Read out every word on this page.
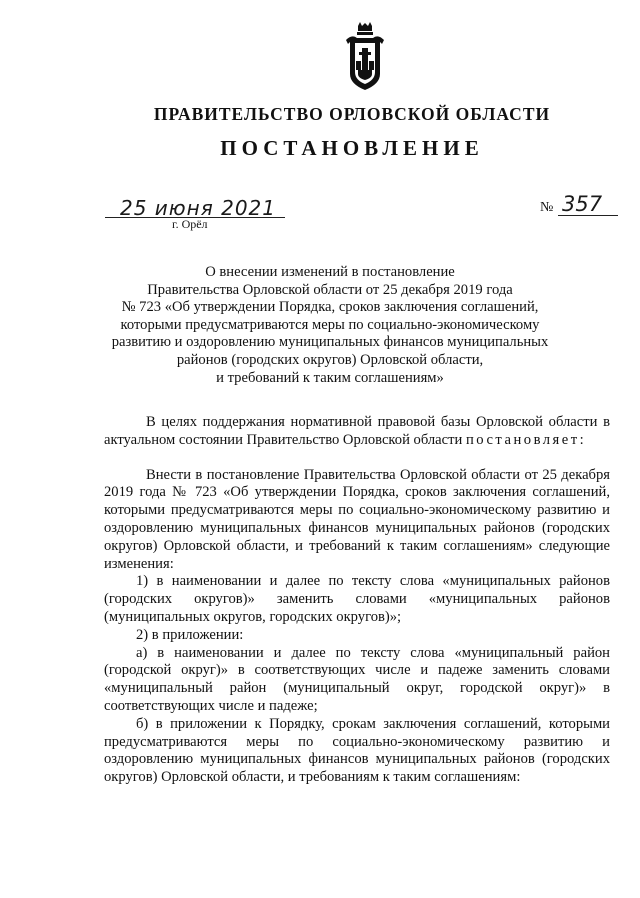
ПРАВИТЕЛЬСТВО ОРЛОВСКОЙ ОБЛАСТИ
ПОСТАНОВЛЕНИЕ
25 июня 2021
г. Орёл
№ 357
О внесении изменений в постановление
Правительства Орловской области от 25 декабря 2019 года
№ 723 «Об утверждении Порядка, сроков заключения соглашений,
которыми предусматриваются меры по социально-экономическому
развитию и оздоровлению муниципальных финансов муниципальных
районов (городских округов) Орловской области,
и требований к таким соглашениям»

В целях поддержания нормативной правовой базы Орловской области в актуальном состоянии Правительство Орловской области постановляет:

Внести в постановление Правительства Орловской области от 25 декабря 2019 года № 723 «Об утверждении Порядка, сроков заключения соглашений, которыми предусматриваются меры по социально-экономическому развитию и оздоровлению муниципальных финансов муниципальных районов (городских округов) Орловской области, и требований к таким соглашениям» следующие изменения:

1) в наименовании и далее по тексту слова «муниципальных районов (городских округов)» заменить словами «муниципальных районов (муниципальных округов, городских округов)»;

2) в приложении:

а) в наименовании и далее по тексту слова «муниципальный район (городской округ)» в соответствующих числе и падеже заменить словами «муниципальный район (муниципальный округ, городской округ)» в соответствующих числе и падеже;

б) в приложении к Порядку, срокам заключения соглашений, которыми предусматриваются меры по социально-экономическому развитию и оздоровлению муниципальных финансов муниципальных районов (городских округов) Орловской области, и требованиям к таким соглашениям:
